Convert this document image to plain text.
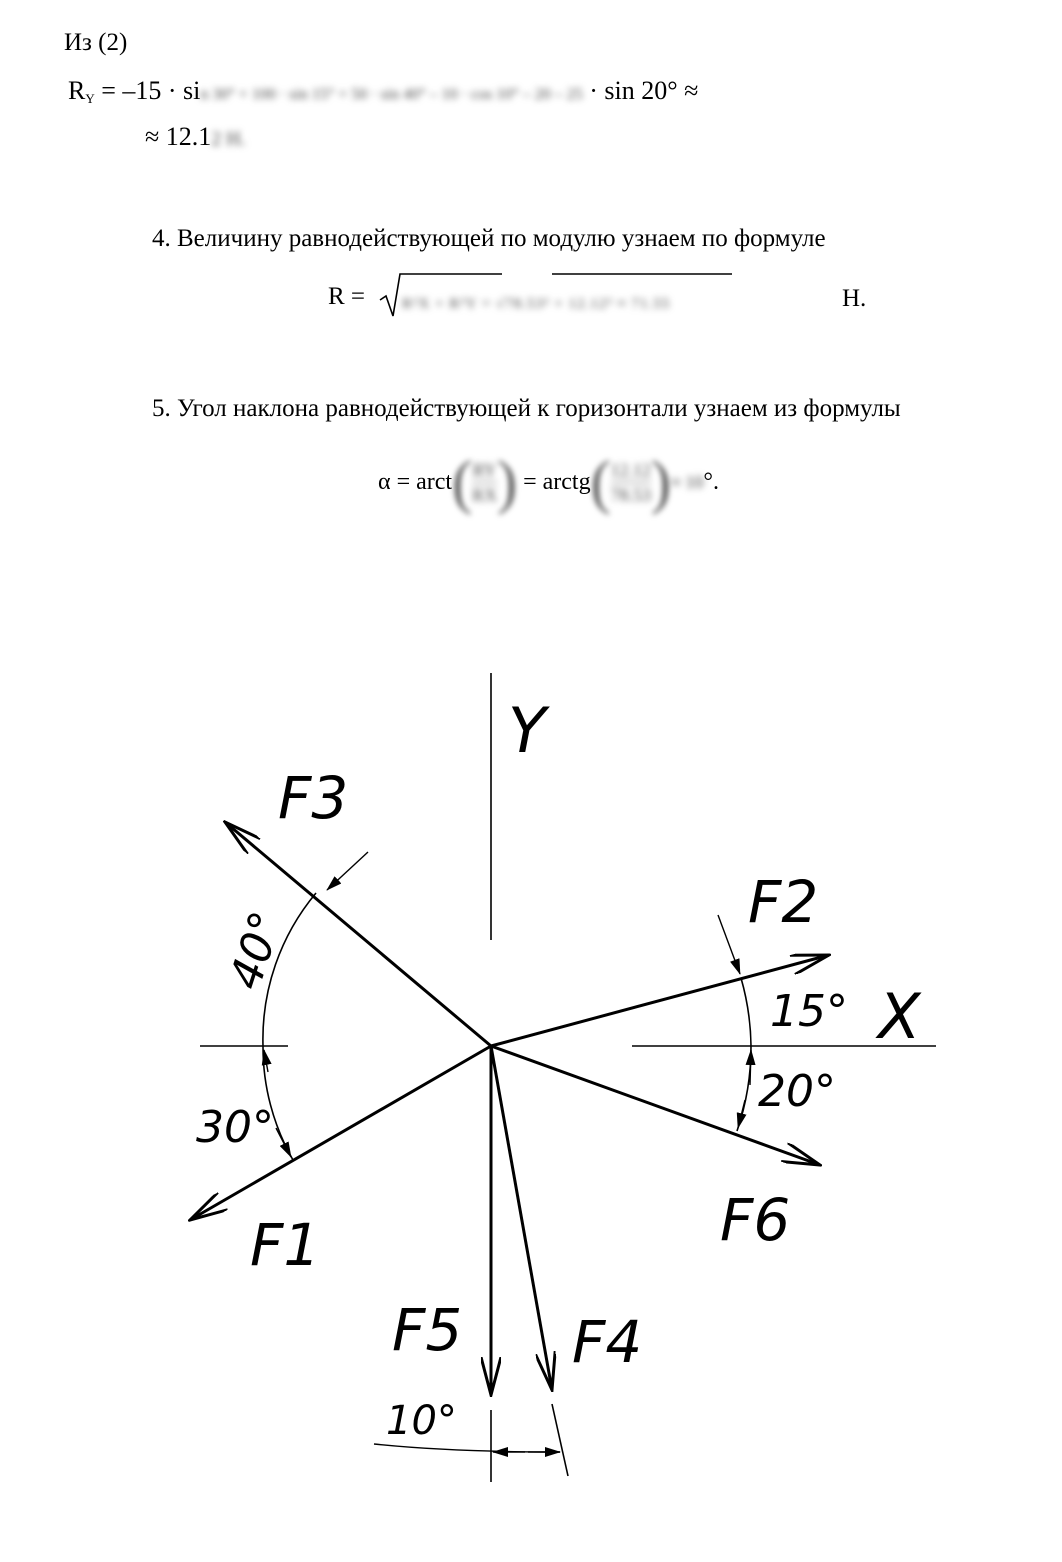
Из (2)
$R_Y = -15 \cdot \sin 30^\circ + 100 \cdot \sin 15^\circ + 50 \cdot \sin 40^\circ - 10 \cdot \cos 10^\circ - 20 - 25 \cdot \sin 20^\circ$ ≈
≈ 12.12 Н.
4. Величину равнодействующей по модулю узнаем по формуле
R = R²X + R²Y = √78.53² + 12.12² ≈ 71.55	Н.
5. Угол наклона равнодействующей к горизонтали узнаем из формулы
α = arct( $\frac{RY}{RX}$ ) = arctg( $\frac{12.12}{78.53}$ )≈ 10°.
Y
X
F3
F2
F1	F6
F5 F4
40°
30°
15°
20°
10°
